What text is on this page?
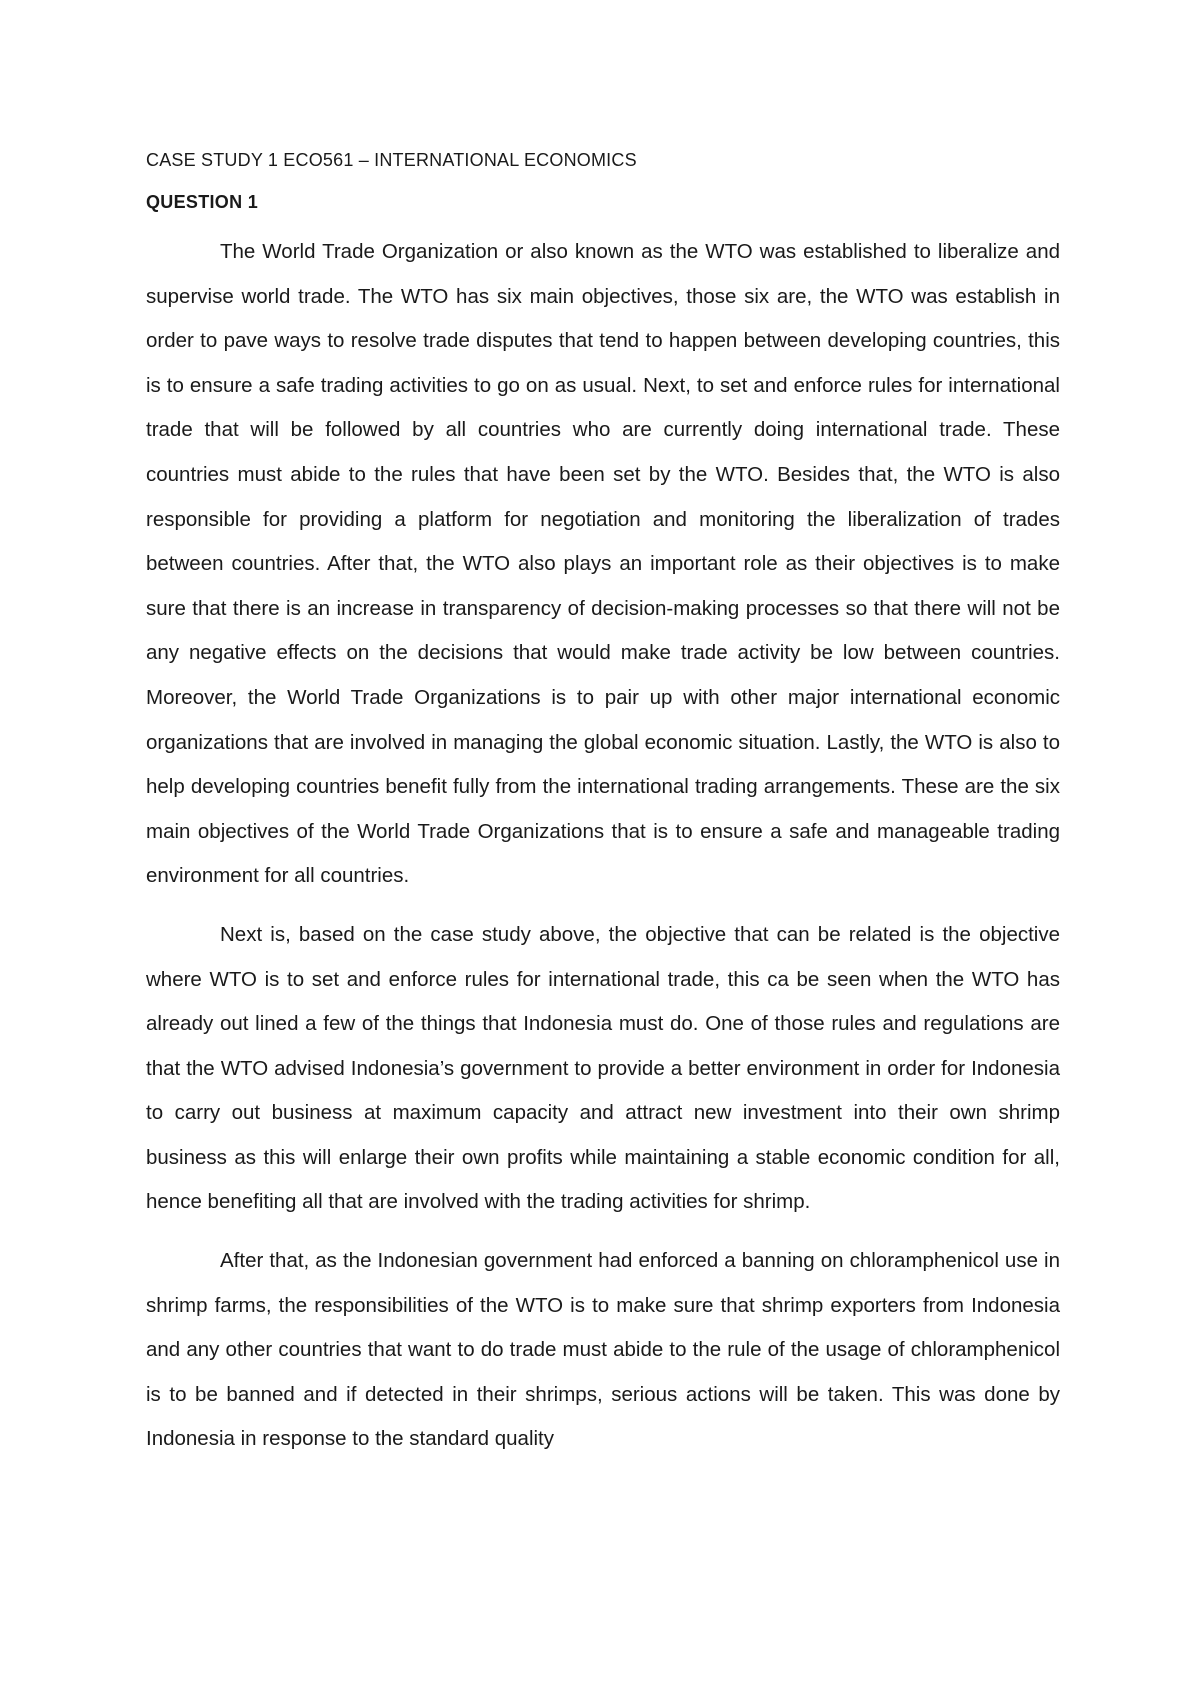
CASE STUDY 1 ECO561 – INTERNATIONAL ECONOMICS
QUESTION 1

The World Trade Organization or also known as the WTO was established to liberalize and supervise world trade. The WTO has six main objectives, those six are, the WTO was establish in order to pave ways to resolve trade disputes that tend to happen between developing countries, this is to ensure a safe trading activities to go on as usual. Next, to set and enforce rules for international trade that will be followed by all countries who are currently doing international trade. These countries must abide to the rules that have been set by the WTO. Besides that, the WTO is also responsible for providing a platform for negotiation and monitoring the liberalization of trades between countries. After that, the WTO also plays an important role as their objectives is to make sure that there is an increase in transparency of decision-making processes so that there will not be any negative effects on the decisions that would make trade activity be low between countries. Moreover, the World Trade Organizations is to pair up with other major international economic organizations that are involved in managing the global economic situation. Lastly, the WTO is also to help developing countries benefit fully from the international trading arrangements. These are the six main objectives of the World Trade Organizations that is to ensure a safe and manageable trading environment for all countries.

Next is, based on the case study above, the objective that can be related is the objective where WTO is to set and enforce rules for international trade, this ca be seen when the WTO has already out lined a few of the things that Indonesia must do. One of those rules and regulations are that the WTO advised Indonesia’s government to provide a better environment in order for Indonesia to carry out business at maximum capacity and attract new investment into their own shrimp business as this will enlarge their own profits while maintaining a stable economic condition for all, hence benefiting all that are involved with the trading activities for shrimp.

After that, as the Indonesian government had enforced a banning on chloramphenicol use in shrimp farms, the responsibilities of the WTO is to make sure that shrimp exporters from Indonesia and any other countries that want to do trade must abide to the rule of the usage of chloramphenicol is to be banned and if detected in their shrimps, serious actions will be taken. This was done by Indonesia in response to the standard quality
